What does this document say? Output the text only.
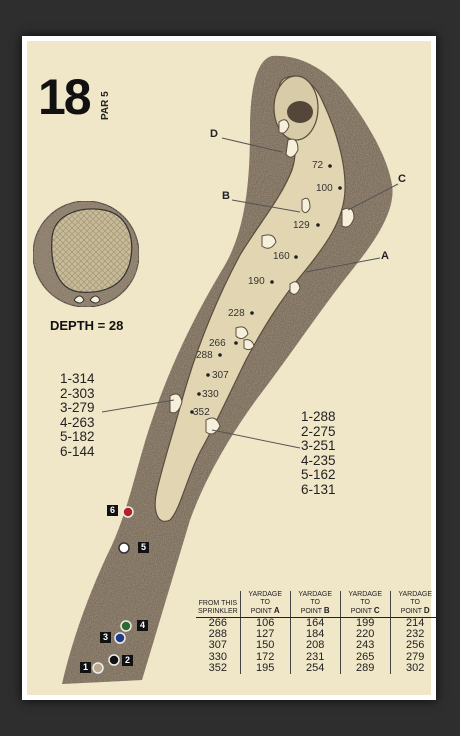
18 PAR 5
DEPTH = 28
D
B
C
A
72
100
129
160
190
228
266
288
307
330
352
1-314
2-303
3-279
4-263
5-182
6-144
1-288
2-275
3-251
4-235
5-162
6-131
6
5
4
3
2
1
FROM THIS
SPRINKLER	YARDAGE TO
POINT A	YARDAGE TO
POINT B	YARDAGE TO
POINT C	YARDAGE TO
POINT D
266	106	164	199	214
288	127	184	220	232
307	150	208	243	256
330	172	231	265	279
352	195	254	289	302
